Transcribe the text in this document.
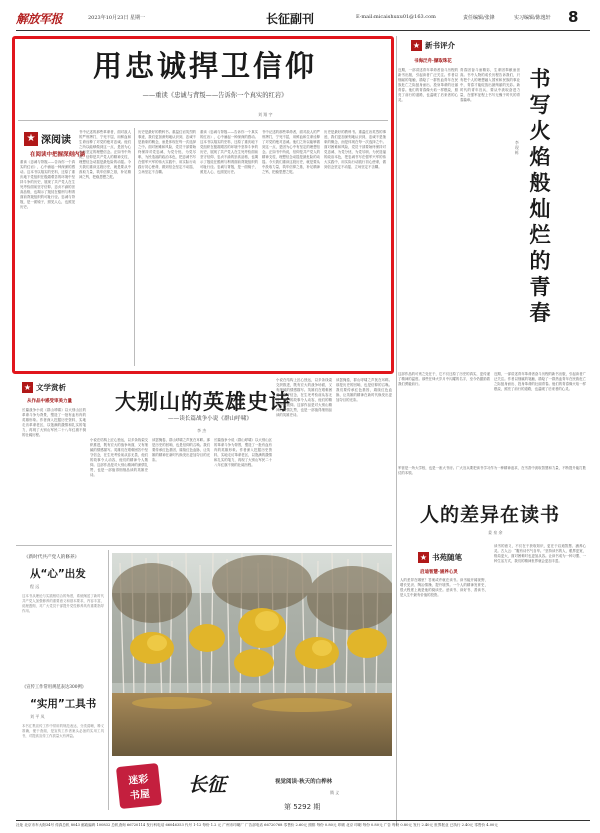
解放军报	2023年10月23日 星期一	长征副刊	E-mail:micaishuxu01@163.com	责任编辑/张锋	实习编辑/陈逸轩 8
用忠诚捍卫信仰
——重读《忠诚与背叛——告诉你一个真实的红岩》
刘 翔 宇
★ 深阅读
在阅读中把握深刻内涵
重读《忠诚与背叛——告诉你一个真实的红岩》，心中涌起一种深深的感动。这本书以翔实的史料，还原了重庆地下党组织在极端艰苦的环境中坚持斗争的历史，展现了共产党人在生死考验面前坚守信仰、忠贞不渝的崇高品格，也揭示了叛徒在酷刑与利诱面前背叛组织的可耻行径。忠诚与背叛，是一面镜子，照见人心，也照见历史。
书中记述的那些革命者，面对敌人的严刑拷打，宁死不屈，用鲜血和生命诠释了对党的绝对忠诚。他们之所以能够做到这一点，是因为心中有坚定的理想信念。正如书中所说，信仰是共产党人的精神支柱，理想信念动摇是最危险的动摇。今天我们重读这段历史，就是要从中汲取力量，筑牢信仰之基，补足精神之钙，把稳思想之舵。
历史是最好的教科书。重温红岩英烈的事迹，我们更加深刻地认识到，忠诚不是抽象的概念，而是体现在每一次选择之中。面对困难和风险，党员干部要始终保持对党忠诚、为党分忧、为党尽职、为民造福的政治本色，把忠诚书写在强军兴军的伟大实践中，用实际行动践行初心使命，做到信念坚定不动摇、立场坚定不含糊。
重读《忠诚与背叛——告诉你一个真实的红岩》，心中涌起一种深深的感动。这本书以翔实的史料，还原了重庆地下党组织在极端艰苦的环境中坚持斗争的历史，展现了共产党人在生死考验面前坚守信仰、忠贞不渝的崇高品格，也揭示了叛徒在酷刑与利诱面前背叛组织的可耻行径。忠诚与背叛，是一面镜子，照见人心，也照见历史。
书中记述的那些革命者，面对敌人的严刑拷打，宁死不屈，用鲜血和生命诠释了对党的绝对忠诚。他们之所以能够做到这一点，是因为心中有坚定的理想信念。正如书中所说，信仰是共产党人的精神支柱，理想信念动摇是最危险的动摇。今天我们重读这段历史，就是要从中汲取力量，筑牢信仰之基，补足精神之钙，把稳思想之舵。
历史是最好的教科书。重温红岩英烈的事迹，我们更加深刻地认识到，忠诚不是抽象的概念，而是体现在每一次选择之中。面对困难和风险，党员干部要始终保持对党忠诚、为党分忧、为党尽职、为民造福的政治本色，把忠诚书写在强军兴军的伟大实践中，用实际行动践行初心使命，做到信念坚定不动摇、立场坚定不含糊。
★ 新书评介
书海泛舟·撷取珠花
书写火焰般灿烂的青春
李 现 栋
近期，一部讲述青年革命者奋斗历程的新书出版，引起读者广泛关注。作者以细腻的笔触，描绘了一群热血青年在民族危亡之际挺身而出、投身革命的壮丽青春。他们的青春像火焰一样燃烧，照亮了前行的道路，也温暖了后来者的心灵。
青春因奋斗而精彩，生命因奉献而崇高。书中人物的成长历程告诉我们，只有把个人的理想融入国家和民族的事业中，青春才能绽放出最绚丽的光彩。新时代的青年官兵，要从中汲取奋进力量，在强军征程上书写无愧于时代的青春篇章。
这部作品的可贵之处在于，它不仅还原了历史的真实，更传递了精神的温度。那些在烽火岁月中闪耀的名字，至今仍激励着我们勇毅前行。
近期，一部讲述青年革命者奋斗历程的新书出版，引起读者广泛关注。作者以细腻的笔触，描绘了一群热血青年在民族危亡之际挺身而出、投身革命的壮丽青春。他们的青春像火焰一样燃烧，照亮了前行的道路，也温暖了后来者的心灵。
★ 文学赏析
从作品中感受审美力量 大别山的英雄史诗
——读长篇战争小说《群山呼啸》
李 杰
长篇战争小说《群山呼啸》以大别山区的革命斗争为背景，塑造了一批有血有肉的英雄形象。作者深入挖掘历史资料，实地走访革命老区，以饱满的激情和扎实的笔力，再现了大别山军民二十八年红旗不倒的壮阔历程。
小说在结构上匠心独运，以多条线索交织推进，既有宏大的战争场面，又有细腻的情感描写。英雄们在艰难困苦中坚守信念，在生死考验前从容无畏，他们的故事令人动容，他们的精神令人敬仰。这部作品是对大别山精神的深情礼赞，也是一部值得细细品读的英雄史诗。
读罢掩卷，群山呼啸之声犹在耳畔。那是历史的回响，也是信仰的召唤。我们要传承红色基因，赓续红色血脉，让英雄的精神在新时代焕发出更加夺目的光彩。
长篇战争小说《群山呼啸》以大别山区的革命斗争为背景，塑造了一批有血有肉的英雄形象。作者深入挖掘历史资料，实地走访革命老区，以饱满的激情和扎实的笔力，再现了大别山军民二十八年红旗不倒的壮阔历程。
小说在结构上匠心独运，以多条线索交织推进，既有宏大的战争场面，又有细腻的情感描写。英雄们在艰难困苦中坚守信念，在生死考验前从容无畏，他们的故事令人动容，他们的精神令人敬仰。这部作品是对大别山精神的深情礼赞，也是一部值得细细品读的英雄史诗。
读罢掩卷，群山呼啸之声犹在耳畔。那是历史的回响，也是信仰的召唤。我们要传承红色基因，赓续红色血脉，让英雄的精神在新时代焕发出更加夺目的光彩。
《新时代共产党人的修养》
从“心”出发
程 远
这本书从理论与实践相结合的角度，系统阐述了新时代共产党人加强修养的重要意义和基本要求，内容丰富，说理透彻，对广大党员干部提升党性修养具有重要指导作用。
《宣传工作常用规范表达300例》
“实用”工具书
刘 平 凤
本书汇集宣传工作中常用的规范表达，分类清晰，释义准确，便于查阅，是宣传工作者案头必备的实用工具书，对提高宣传工作质量大有裨益。
视觉阅读·秋天的白桦林
隋 义
迷彩
书屋 长征
第 5292 期
人的差异在读书
姜 泉 余
军营是一所大学校，也是一座大书房。广大官兵要把读书学习作为一种精神追求，在书香中汲取智慧和力量，不断提升能打胜仗的本领。
★ 书苑随笔
启迪智慧·涵养心灵
人的差异在哪里？答案或许就在读书。读书能开阔视野、增长见识、陶冶情操、提升境界。一个人的精神发育史，很大程度上就是他的阅读史。爱读书、读好书、善读书，是人生中最有价值的投资。
读书的意义，不仅在于获取知识，更在于启迪智慧、涵养心灵。古人云：“腹有诗书气自华。”坚持读书的人，眼界更宽，格局更大，面对困难时也更加从容。让读书成为一种习惯、一种生活方式，我们的精神世界就会更加丰盈。
社址 北京市车大街34号 传真总机 8043 邮政编码 100832 总机查询 66720114 发行科电话 66046353 代号 1-12 每份 1.2 元 广州市印刷厂 广告部电话 66720768 零售价 2.60元 照排 每份 0.80元 印刷 北京 印刷 每份 0.80元 广告 每份 0.80元 发行 2.40元 世界报业 已执行 2.40元 零售价 4.00元
